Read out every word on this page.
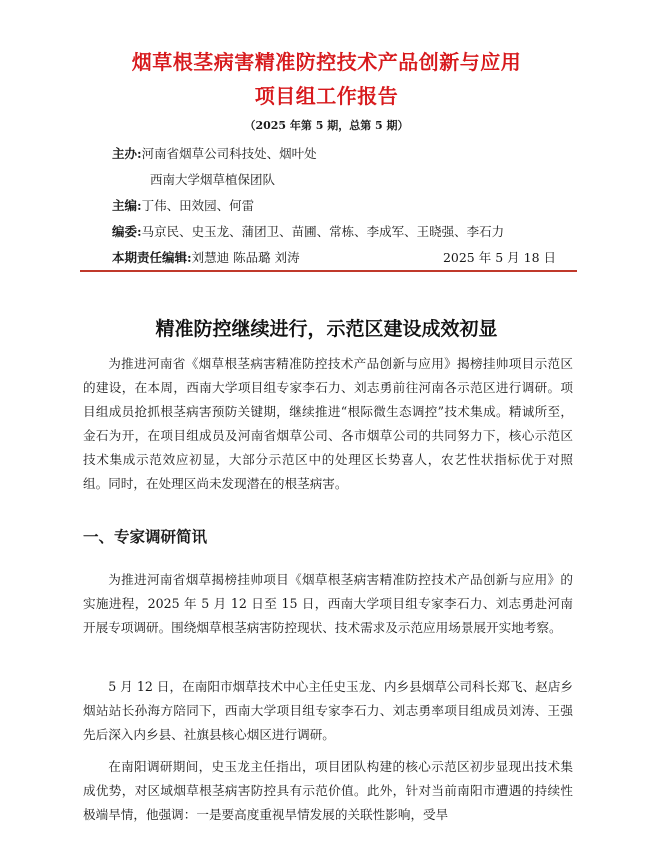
烟草根茎病害精准防控技术产品创新与应用
项目组工作报告
（2025 年第 5 期，总第 5 期）
主办:河南省烟草公司科技处、烟叶处
西南大学烟草植保团队
主编:丁伟、田效园、何雷
编委:马京民、史玉龙、蒲团卫、苗圃、常栋、李成军、王晓强、李石力
本期责任编辑:刘慧迪 陈品璐 刘涛	2025 年 5 月 18 日
精准防控继续进行，示范区建设成效初显

为推进河南省《烟草根茎病害精准防控技术产品创新与应用》揭榜挂帅项目示范区的建设，在本周，西南大学项目组专家李石力、刘志勇前往河南各示范区进行调研。项目组成员抢抓根茎病害预防关键期，继续推进“根际微生态调控”技术集成。精诚所至，金石为开，在项目组成员及河南省烟草公司、各市烟草公司的共同努力下，核心示范区技术集成示范效应初显，大部分示范区中的处理区长势喜人，农艺性状指标优于对照组。同时，在处理区尚未发现潜在的根茎病害。

一、专家调研简讯

为推进河南省烟草揭榜挂帅项目《烟草根茎病害精准防控技术产品创新与应用》的实施进程，2025 年 5 月 12 日至 15 日，西南大学项目组专家李石力、刘志勇赴河南开展专项调研。围绕烟草根茎病害防控现状、技术需求及示范应用场景展开实地考察。

5 月 12 日，在南阳市烟草技术中心主任史玉龙、内乡县烟草公司科长郑飞、赵店乡烟站站长孙海方陪同下，西南大学项目组专家李石力、刘志勇率项目组成员刘涛、王强先后深入内乡县、社旗县核心烟区进行调研。

在南阳调研期间，史玉龙主任指出，项目团队构建的核心示范区初步显现出技术集成优势，对区域烟草根茎病害防控具有示范价值。此外，针对当前南阳市遭遇的持续性极端旱情，他强调：一是要高度重视旱情发展的关联性影响，受旱
